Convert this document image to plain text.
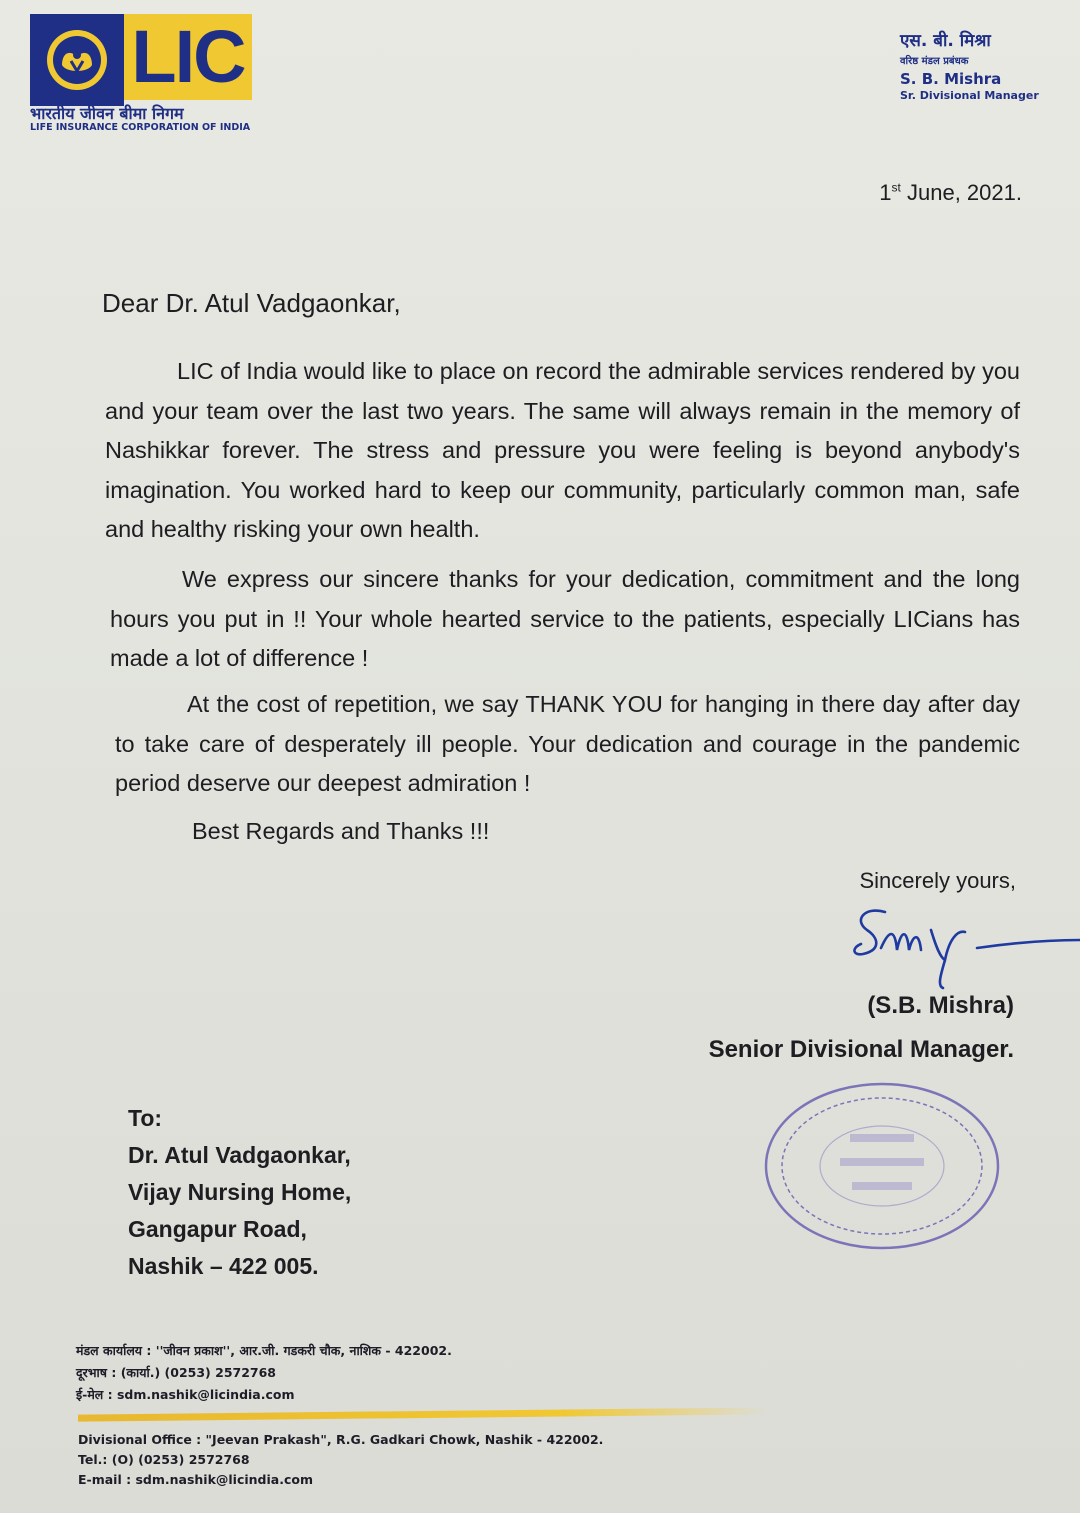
LIC
भारतीय जीवन बीमा निगम
LIFE INSURANCE CORPORATION OF INDIA
एस. बी. मिश्रा
वरिष्ठ मंडल प्रबंधक
S. B. Mishra
Sr. Divisional Manager
1st June, 2021.
Dear Dr. Atul Vadgaonkar,

LIC of India would like to place on record the admirable services rendered by you and your team over the last two years. The same will always remain in the memory of Nashikkar forever. The stress and pressure you were feeling is beyond anybody's imagination. You worked hard to keep our community, particularly common man, safe and healthy risking your own health.

We express our sincere thanks for your dedication, commitment and the long hours you put in !! Your whole hearted service to the patients, especially LICians has made a lot of difference !

At the cost of repetition, we say THANK YOU for hanging in there day after day to take care of desperately ill people. Your dedication and courage in the pandemic period deserve our deepest admiration !

Best Regards and Thanks !!!
Sincerely yours,
(S.B. Mishra)
Senior Divisional Manager.
To:
Dr. Atul Vadgaonkar,
Vijay Nursing Home,
Gangapur Road,
Nashik – 422 005.
मंडल कार्यालय : ''जीवन प्रकाश'', आर.जी. गडकरी चौक, नाशिक - 422002.
दूरभाष : (कार्या.) (0253) 2572768
ई-मेल : sdm.nashik@licindia.com
Divisional Office : "Jeevan Prakash", R.G. Gadkari Chowk, Nashik - 422002.
Tel.: (O) (0253) 2572768
E-mail : sdm.nashik@licindia.com
